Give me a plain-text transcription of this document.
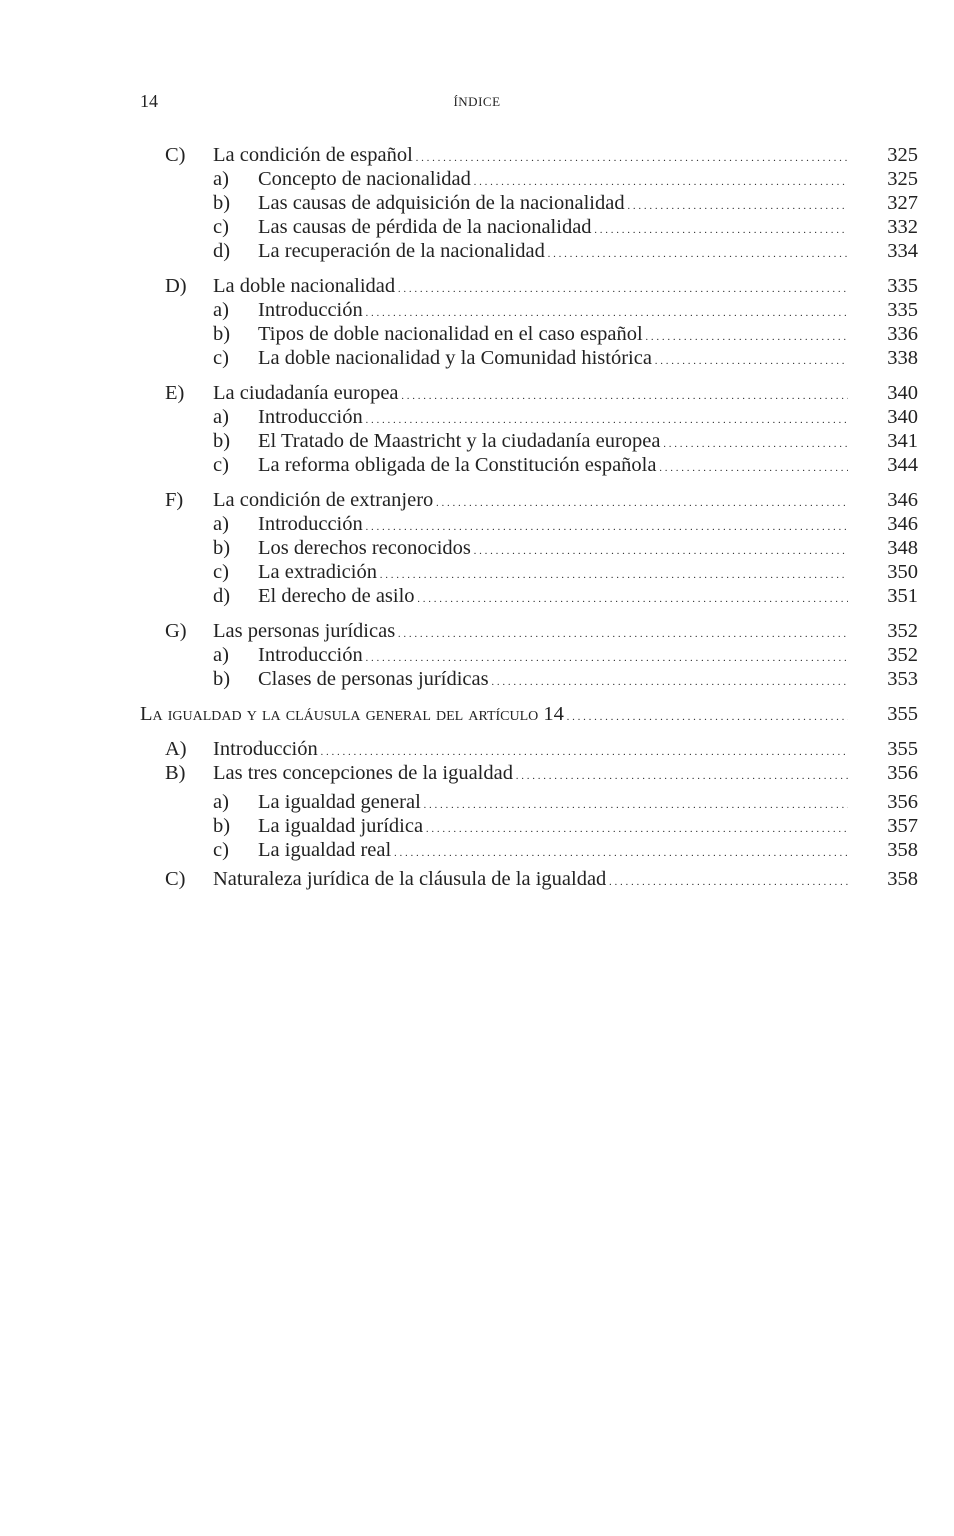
14	ÍNDICE
C) La condición de español . . .	325
a) Concepto de nacionalidad . . .	325
b) Las causas de adquisición de la nacionalidad . . .	327
c) Las causas de pérdida de la nacionalidad . . .	332
d) La recuperación de la nacionalidad . . .	334
D) La doble nacionalidad . . .	335
a) Introducción . . .	335
b) Tipos de doble nacionalidad en el caso español . . .	336
c) La doble nacionalidad y la Comunidad histórica . . .	338
E) La ciudadanía europea . . .	340
a) Introducción . . .	340
b) El Tratado de Maastricht y la ciudadanía europea . . .	341
c) La reforma obligada de la Constitución española . . .	344
F) La condición de extranjero . . .	346
a) Introducción . . .	346
b) Los derechos reconocidos . . .	348
c) La extradición . . .	350
d) El derecho de asilo . . .	351
G) Las personas jurídicas . . .	352
a) Introducción . . .	352
b) Clases de personas jurídicas . . .	353
La igualdad y la cláusula general del artículo 14 . . .	355
A) Introducción . . .	355
B) Las tres concepciones de la igualdad . . .	356
a) La igualdad general . . .	356
b) La igualdad jurídica . . .	357
c) La igualdad real . . .	358
C) Naturaleza jurídica de la cláusula de la igualdad . . .	358
